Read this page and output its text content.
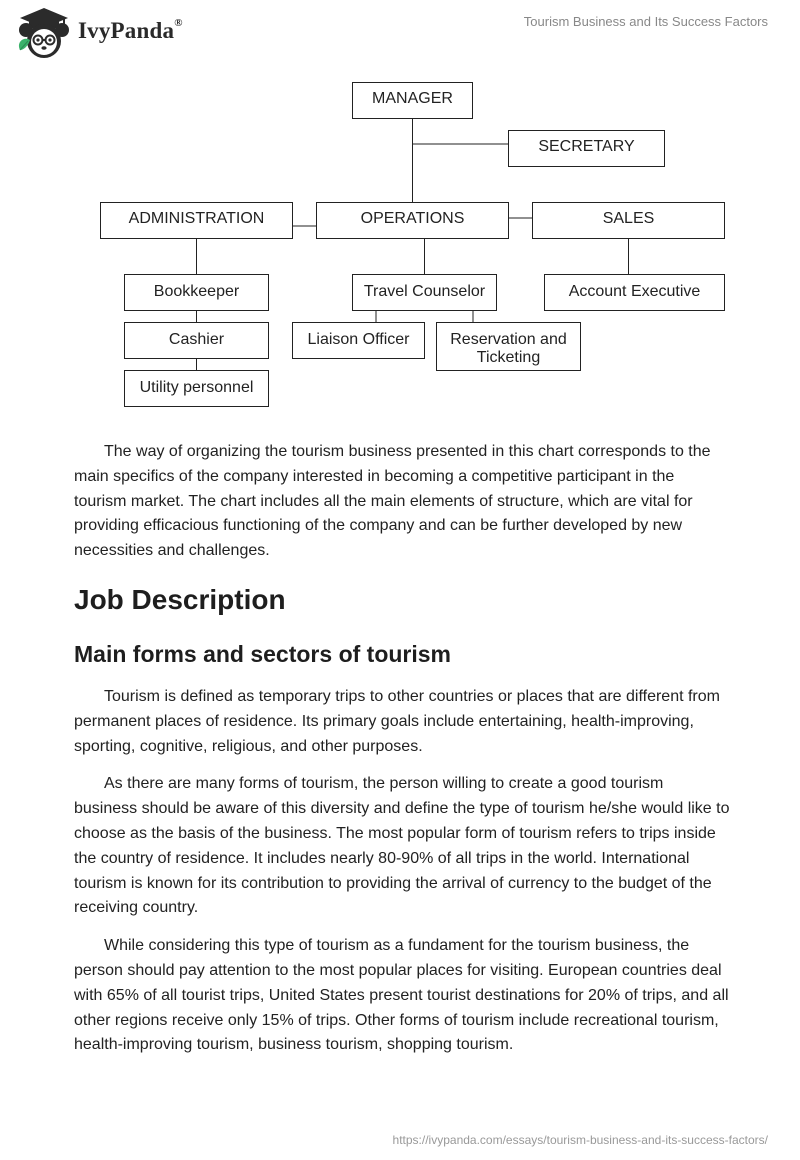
IvyPanda®	Tourism Business and Its Success Factors
MANAGER
SECRETARY
ADMINISTRATION	OPERATIONS	SALES
Bookkeeper
Cashier
Utility personnel
Travel Counselor
Liaison Officer	Reservation and
Ticketing
Account Executive

The way of organizing the tourism business presented in this chart corresponds to the main specifics of the company interested in becoming a competitive participant in the tourism market. The chart includes all the main elements of structure, which are vital for providing efficacious functioning of the company and can be further developed by new necessities and challenges.

Job Description
Main forms and sectors of tourism

Tourism is defined as temporary trips to other countries or places that are different from permanent places of residence. Its primary goals include entertaining, health-improving, sporting, cognitive, religious, and other purposes.

As there are many forms of tourism, the person willing to create a good tourism business should be aware of this diversity and define the type of tourism he/she would like to choose as the basis of the business. The most popular form of tourism refers to trips inside the country of residence. It includes nearly 80-90% of all trips in the world. International tourism is known for its contribution to providing the arrival of currency to the budget of the receiving country.

While considering this type of tourism as a fundament for the tourism business, the person should pay attention to the most popular places for visiting. European countries deal with 65% of all tourist trips, United States present tourist destinations for 20% of trips, and all other regions receive only 15% of trips. Other forms of tourism include recreational tourism, health-improving tourism, business tourism, shopping tourism.

https://ivypanda.com/essays/tourism-business-and-its-success-factors/
